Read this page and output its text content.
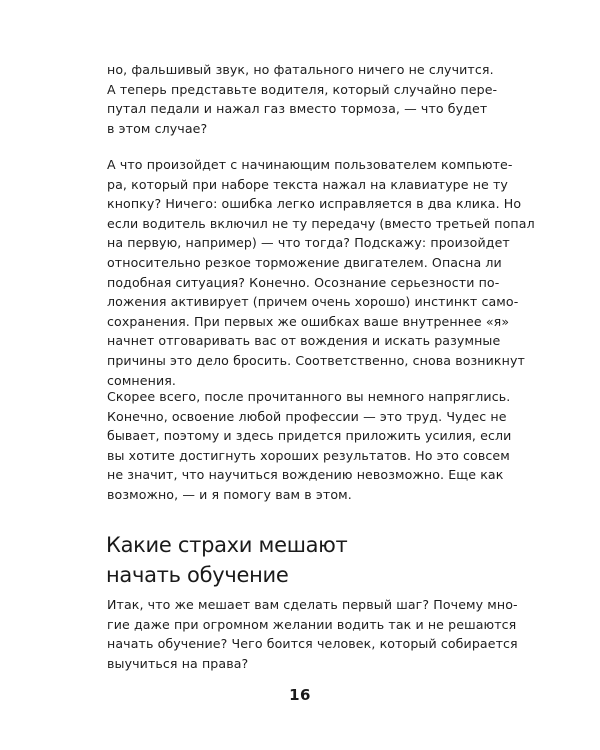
но, фальшивый звук, но фатального ничего не случится.
А теперь представьте водителя, который случайно пере-
путал педали и нажал газ вместо тормоза, — что будет
в этом случае?

А что произойдет с начинающим пользователем компьюте-
ра, который при наборе текста нажал на клавиатуре не ту
кнопку? Ничего: ошибка легко исправляется в два клика. Но
если водитель включил не ту передачу (вместо третьей попал
на первую, например) — что тогда? Подскажу: произойдет
относительно резкое торможение двигателем. Опасна ли
подобная ситуация? Конечно. Осознание серьезности по-
ложения активирует (причем очень хорошо) инстинкт само-
сохранения. При первых же ошибках ваше внутреннее «я»
начнет отговаривать вас от вождения и искать разумные
причины это дело бросить. Соответственно, снова возникнут
сомнения.

Скорее всего, после прочитанного вы немного напряглись.
Конечно, освоение любой профессии — это труд. Чудес не
бывает, поэтому и здесь придется приложить усилия, если
вы хотите достигнуть хороших результатов. Но это совсем
не значит, что научиться вождению невозможно. Еще как
возможно, — и я помогу вам в этом.

Какие страхи мешают
начать обучение

Итак, что же мешает вам сделать первый шаг? Почему мно-
гие даже при огромном желании водить так и не решаются
начать обучение? Чего боится человек, который собирается
выучиться на права?

16
